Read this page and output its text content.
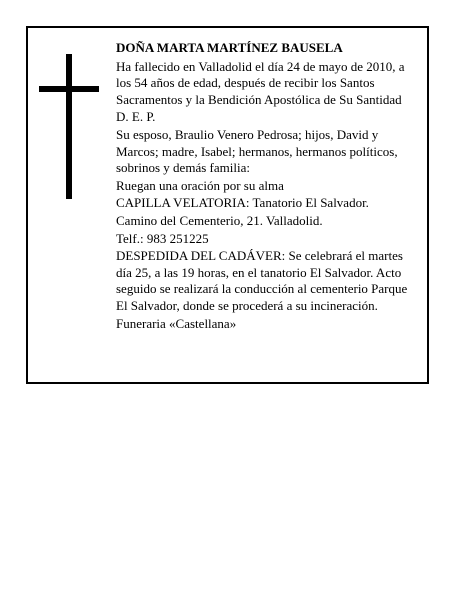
DOÑA MARTA MARTÍNEZ BAUSELA
Ha fallecido en Valladolid el día 24 de mayo de 2010, a los 54 años de edad, después de recibir los Santos Sacramentos y la Bendición Apostólica de Su Santidad
D. E. P.
Su esposo, Braulio Venero Pedrosa; hijos, David y Marcos; madre, Isabel; hermanos, hermanos políticos, sobrinos y demás familia:
Ruegan una oración por su alma
CAPILLA VELATORIA: Tanatorio El Salvador.
Camino del Cementerio, 21. Valladolid.
Telf.: 983 251225
DESPEDIDA DEL CADÁVER: Se celebrará el martes día 25, a las 19 horas, en el tanatorio El Salvador. Acto seguido se realizará la conducción al cementerio Parque El Salvador, donde se procederá a su incineración.
Funeraria «Castellana»
